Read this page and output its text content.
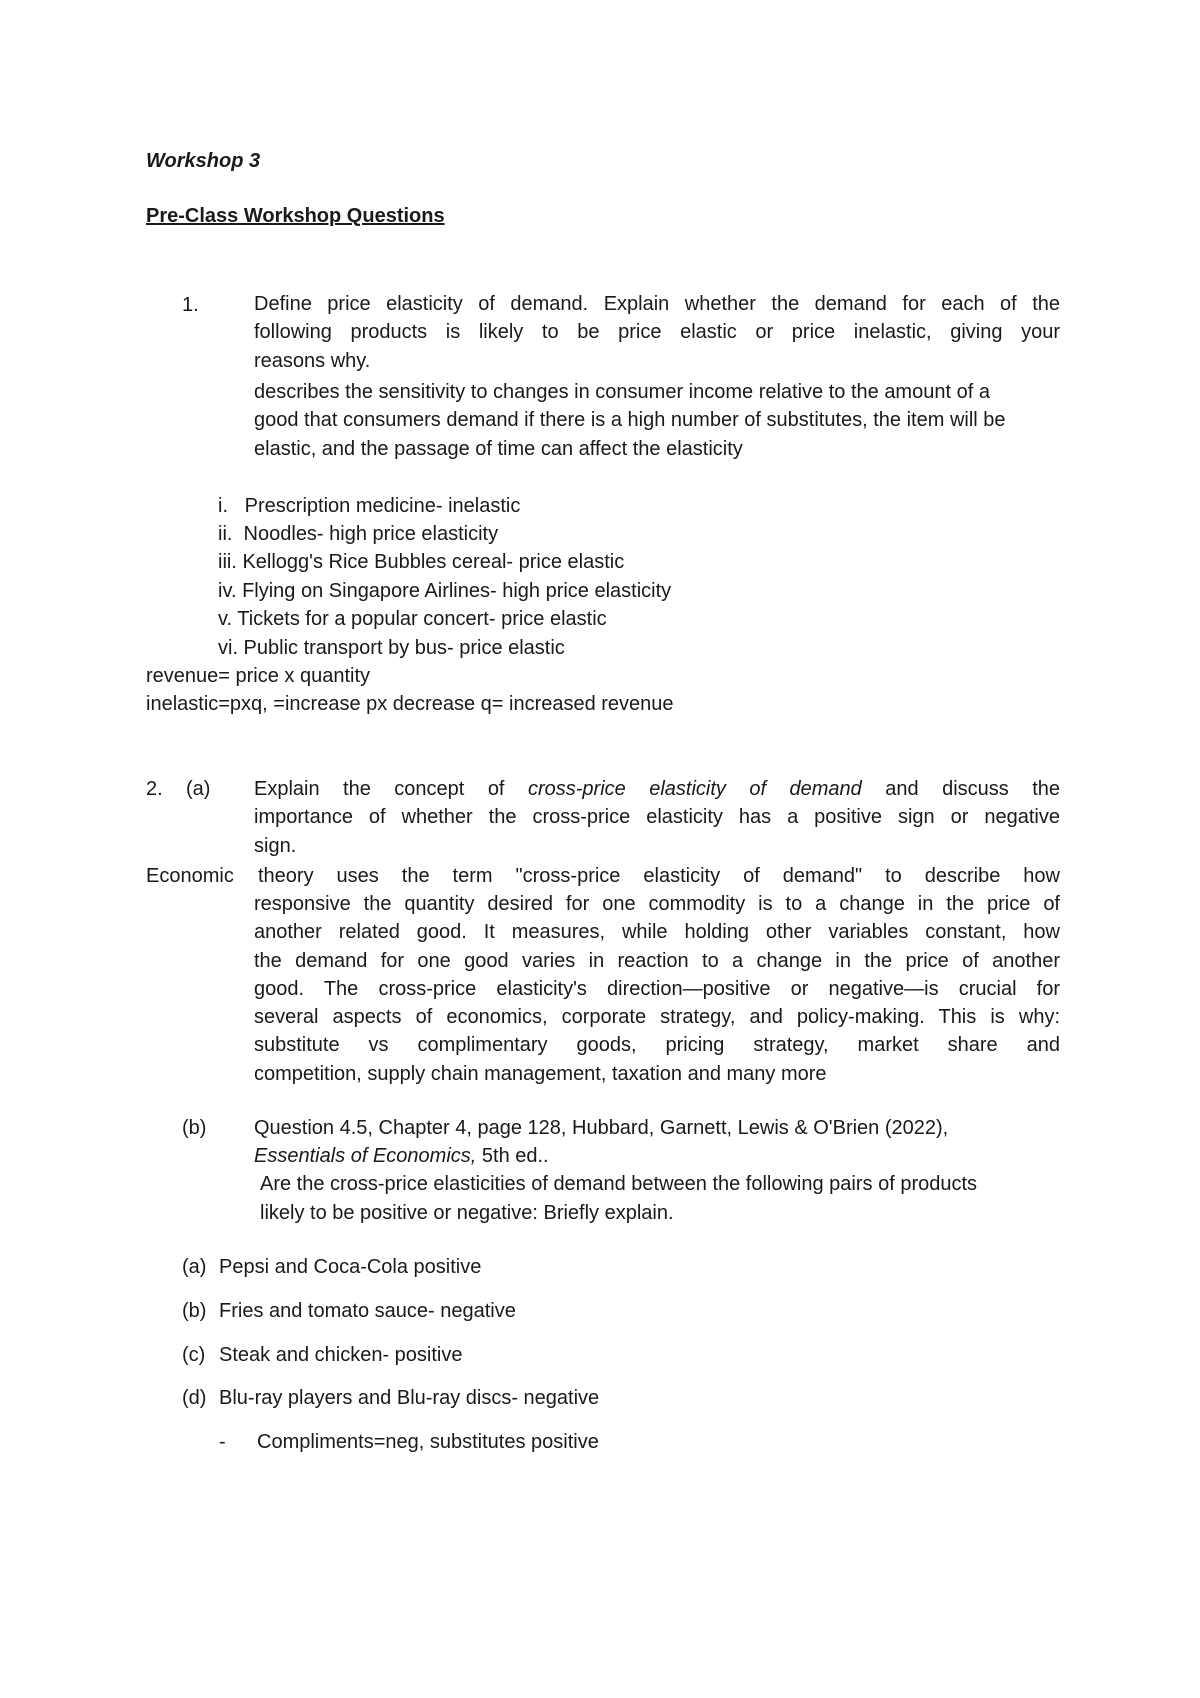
Workshop 3
Pre-Class Workshop Questions
1.	Define price elasticity of demand. Explain whether the demand for each of the
following products is likely to be price elastic or price inelastic, giving your
reasons why.
describes the sensitivity to changes in consumer income relative to the amount of a
good that consumers demand if there is a high number of substitutes, the item will be
elastic, and the passage of time can affect the elasticity
i.   Prescription medicine- inelastic
ii.  Noodles- high price elasticity
iii. Kellogg's Rice Bubbles cereal- price elastic
iv. Flying on Singapore Airlines- high price elasticity
v. Tickets for a popular concert- price elastic
vi. Public transport by bus- price elastic
revenue= price x quantity
inelastic=pxq, =increase px decrease q= increased revenue
2. (a) Explain the concept of cross-price elasticity of demand and discuss the
importance of whether the cross-price elasticity has a positive sign or negative
sign.
Economic theory uses the term "cross-price elasticity of demand" to describe how
responsive the quantity desired for one commodity is to a change in the price of
another related good. It measures, while holding other variables constant, how
the demand for one good varies in reaction to a change in the price of another
good. The cross-price elasticity's direction—positive or negative—is crucial for
several aspects of economics, corporate strategy, and policy-making. This is why:
substitute vs complimentary goods, pricing strategy, market share and
competition, supply chain management, taxation and many more
(b) Question 4.5, Chapter 4, page 128, Hubbard, Garnett, Lewis & O'Brien (2022),
Essentials of Economics, 5th ed..
Are the cross-price elasticities of demand between the following pairs of products
likely to be positive or negative: Briefly explain.
(a) Pepsi and Coca-Cola positive
(b) Fries and tomato sauce- negative
(c) Steak and chicken- positive
(d) Blu-ray players and Blu-ray discs- negative
- Compliments=neg, substitutes positive
